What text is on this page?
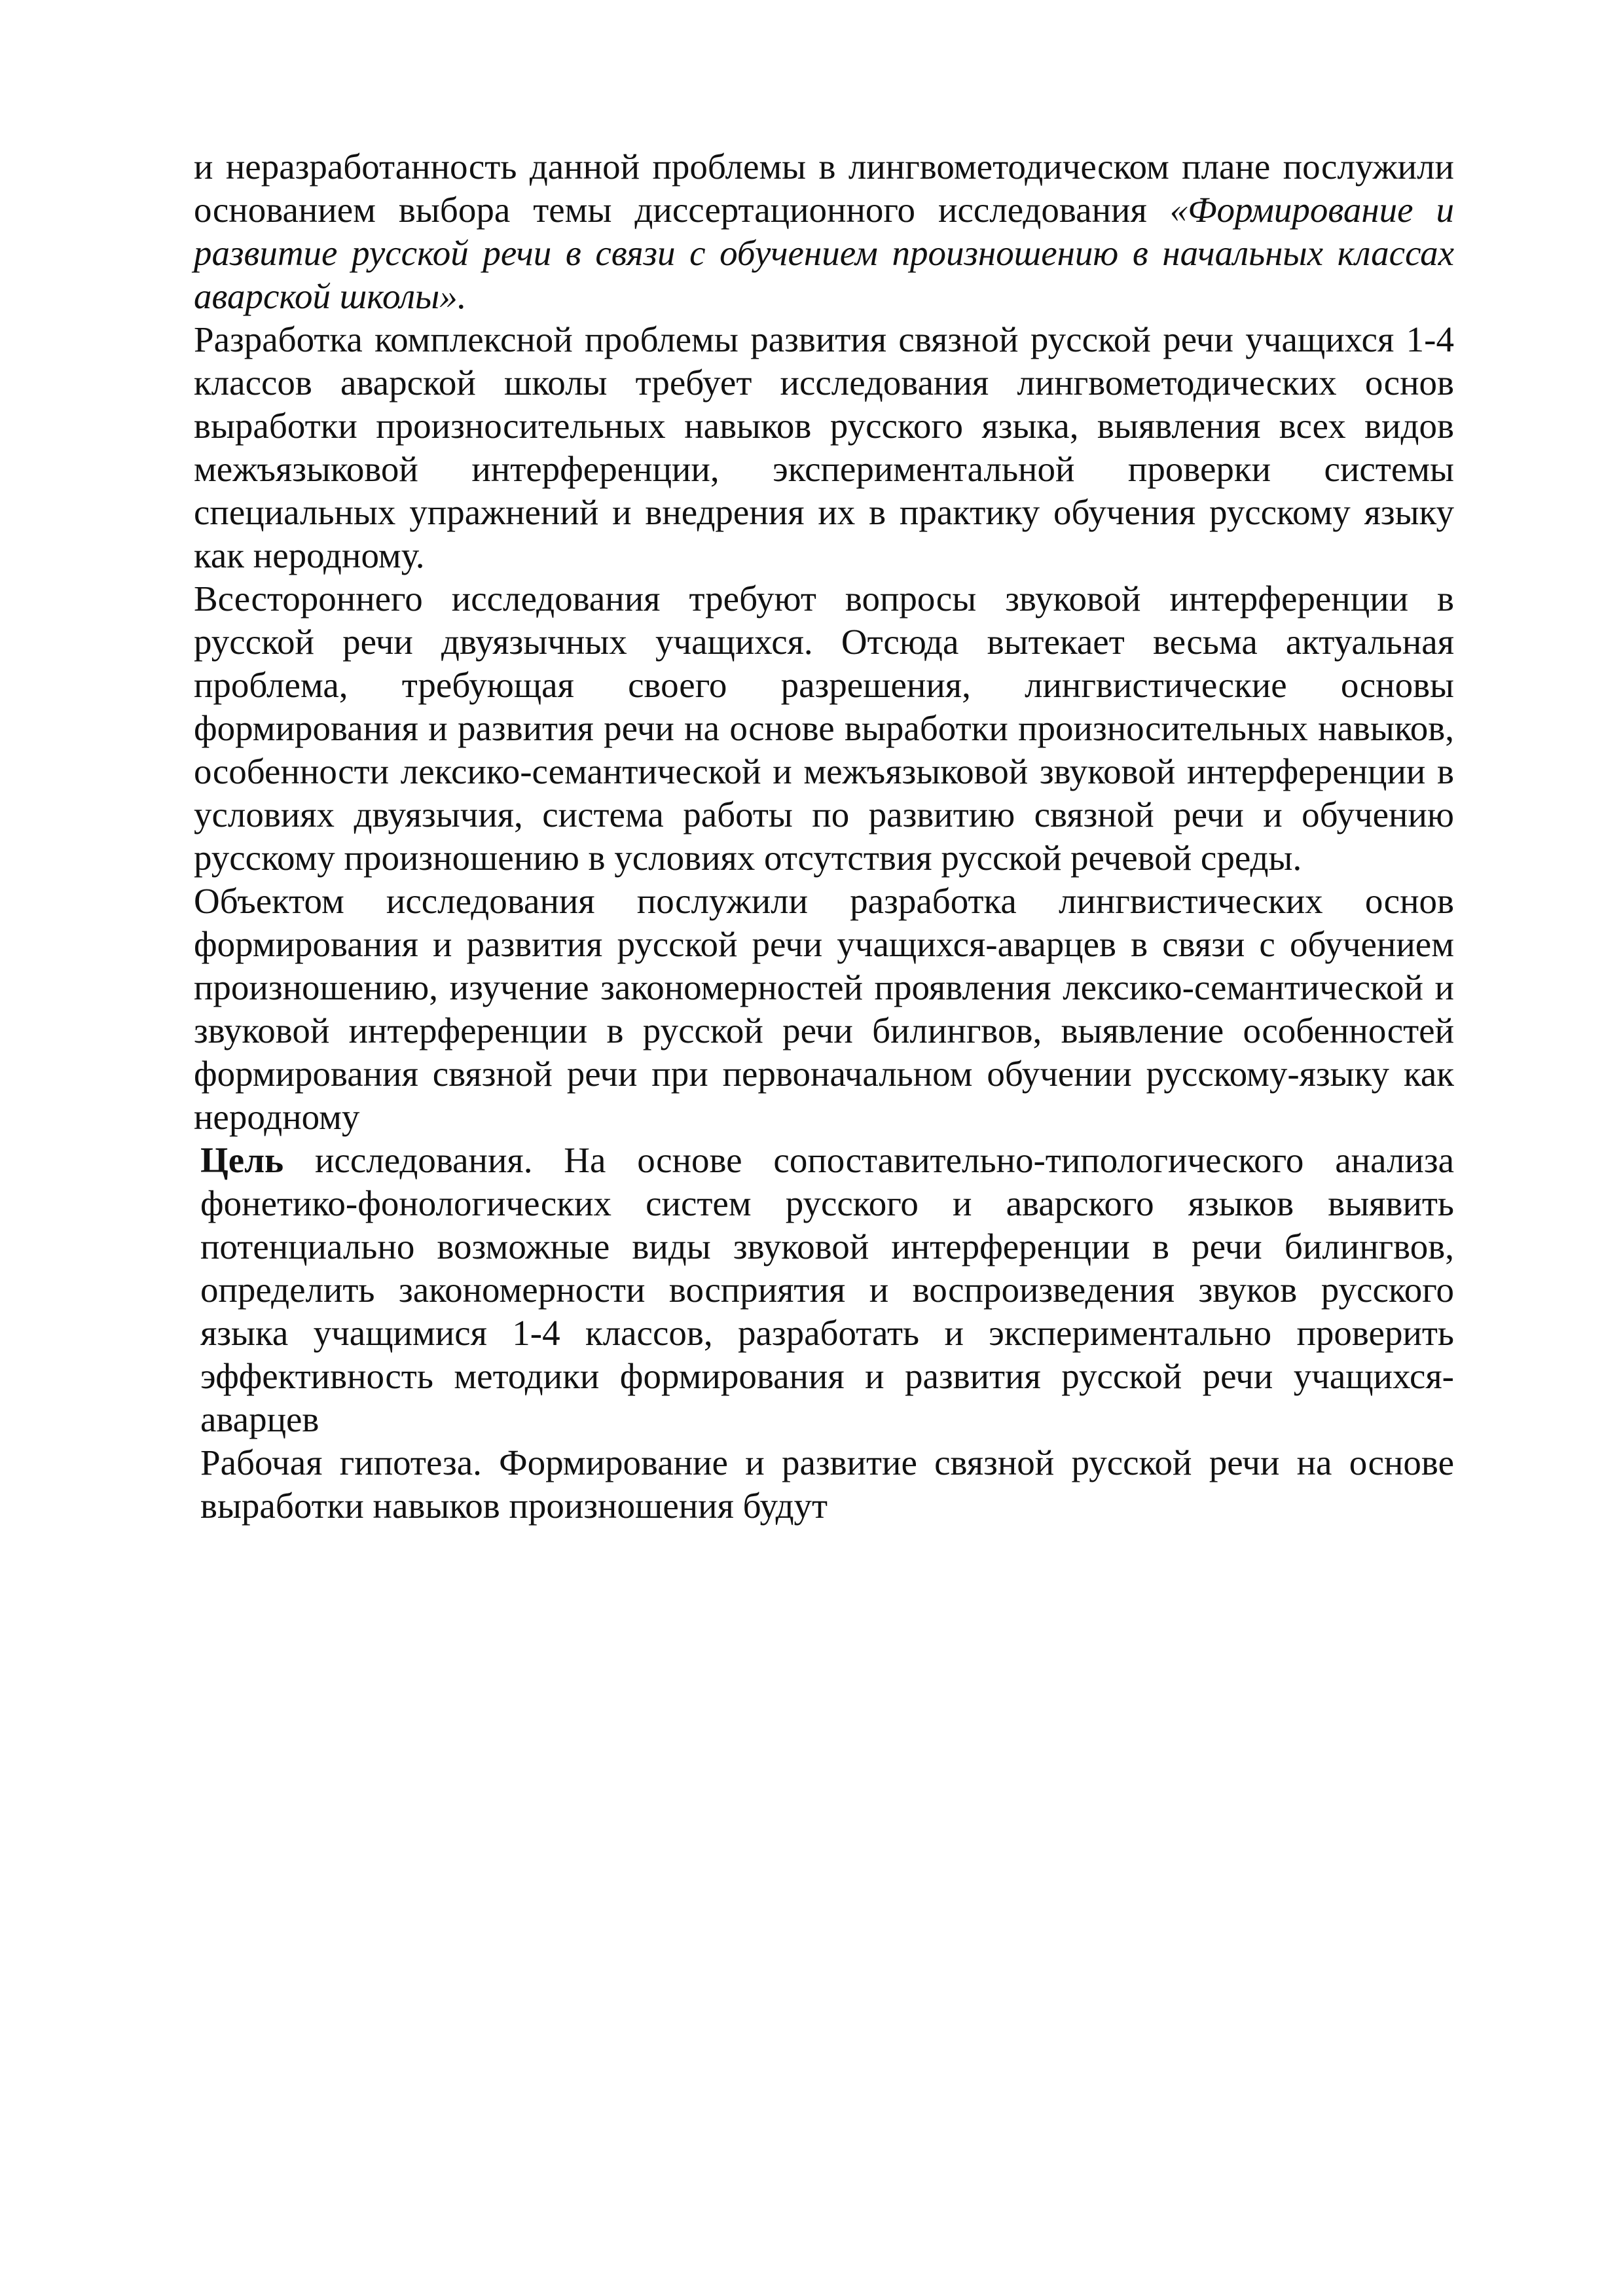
и неразработанность данной проблемы в лингвометодическом плане послужили основанием выбора темы диссертационного исследования «Формирование и развитие русской речи в связи с обучением произношению в начальных классах аварской школы».

Разработка комплексной проблемы развития связной русской речи учащихся 1-4 классов аварской школы требует исследования лингвометодических основ выработки произносительных навыков русского языка, выявления всех видов межъязыковой интерференции, экспериментальной проверки системы специальных упражнений и внедрения их в практику обучения русскому языку как неродному.

Всестороннего исследования требуют вопросы звуковой интерференции в русской речи двуязычных учащихся. Отсюда вытекает весьма актуальная проблема, требующая своего разрешения, лингвистические основы формирования и развития речи на основе выработки произносительных навыков, особенности лексико-семантической и межъязыковой звуковой интерференции в условиях двуязычия, система работы по развитию связной речи и обучению русскому произношению в условиях отсутствия русской речевой среды.

Объектом исследования послужили разработка лингвистических основ формирования и развития русской речи учащихся-аварцев в связи с обучением произношению, изучение закономерностей проявления лексико-семантической и звуковой интерференции в русской речи билингвов, выявление особенностей формирования связной речи при первоначальном обучении русскому-языку как неродному

Цель исследования. На основе сопоставительно-типологического анализа фонетико-фонологических систем русского и аварского языков выявить потенциально возможные виды звуковой интерференции в речи билингвов, определить закономерности восприятия и воспроизведения звуков русского языка учащимися 1-4 классов, разработать и экспериментально проверить эффективность методики формирования и развития русской речи учащихся-аварцев

Рабочая гипотеза. Формирование и развитие связной русской речи на основе выработки навыков произношения будут
